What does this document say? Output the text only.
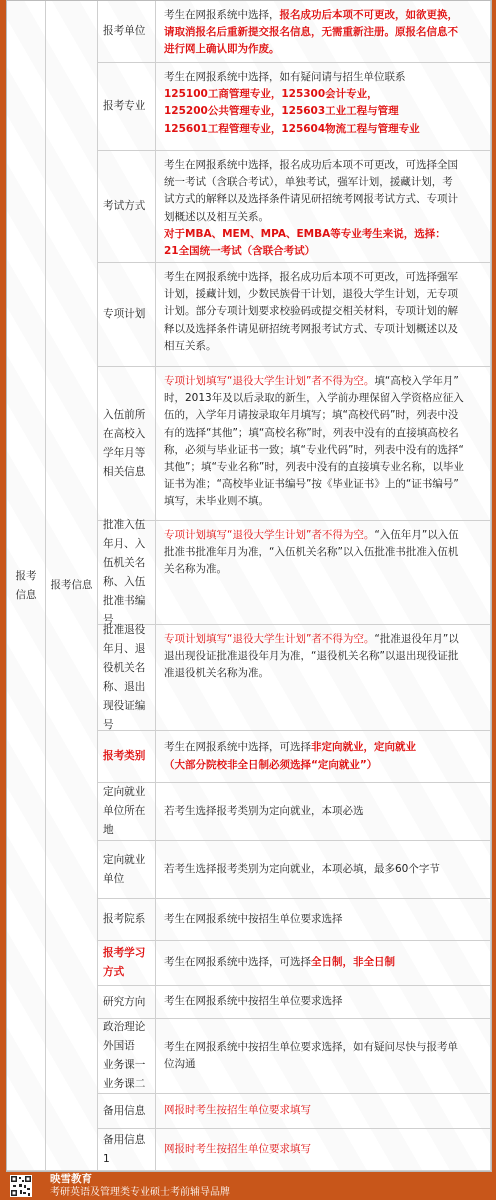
报考
信息
报考信息
报考单位
考生在网报系统中选择，报名成功后本项不可更改，如欲更换，
请取消报名后重新提交报名信息，无需重新注册。原报名信息不
进行网上确认即为作废。
报考专业
考生在网报系统中选择，如有疑问请与招生单位联系
125100工商管理专业，125300会计专业，
125200公共管理专业，125603工业工程与管理
125601工程管理专业，125604物流工程与管理专业
考试方式
考生在网报系统中选择，报名成功后本项不可更改，可选择全国
统一考试（含联合考试），单独考试，强军计划，援藏计划，考
试方式的解释以及选择条件请见研招统考网报考试方式、专项计
划概述以及相互关系。
对于MBA、MEM、MPA、EMBA等专业考生来说，选择：
21全国统一考试（含联合考试）
专项计划
考生在网报系统中选择，报名成功后本项不可更改，可选择强军
计划，援藏计划，少数民族骨干计划，退役大学生计划，无专项
计划。部分专项计划要求校验码或提交相关材料，专项计划的解
释以及选择条件请见研招统考网报考试方式、专项计划概述以及
相互关系。
入伍前所
在高校入
学年月等
相关信息
专项计划填写“退役大学生计划”者不得为空。填“高校入学年月”
时，2013年及以后录取的新生，入学前办理保留入学资格应征入
伍的，入学年月请按录取年月填写；填“高校代码”时，列表中没
有的选择“其他”；填“高校名称”时，列表中没有的直接填高校名
称，必须与毕业证书一致；填“专业代码”时，列表中没有的选择“
其他”；填“专业名称”时，列表中没有的直接填专业名称，以毕业
证书为准；“高校毕业证书编号”按《毕业证书》上的“证书编号”
填写，未毕业则不填。
批准入伍
年月、入
伍机关名
称、入伍
批准书编
号
专项计划填写“退役大学生计划”者不得为空。“入伍年月”以入伍
批准书批准年月为准，“入伍机关名称”以入伍批准书批准入伍机
关名称为准。
批准退役
年月、退
役机关名
称、退出
现役证编
号
专项计划填写“退役大学生计划”者不得为空。“批准退役年月”以
退出现役证批准退役年月为准，“退役机关名称”以退出现役证批
准退役机关名称为准。
报考类别
考生在网报系统中选择，可选择非定向就业，定向就业
（大部分院校非全日制必须选择“定向就业”）
定向就业
单位所在
地
若考生选择报考类别为定向就业，本项必选
定向就业
单位
若考生选择报考类别为定向就业，本项必填，最多60个字节
报考院系 考生在网报系统中按招生单位要求选择
报考学习
方式
考生在网报系统中选择，可选择全日制，非全日制
研究方向 考生在网报系统中按招生单位要求选择
政治理论
外国语
业务课一
业务课二
考生在网报系统中按招生单位要求选择，如有疑问尽快与报考单
位沟通
备用信息 网报时考生按招生单位要求填写
备用信息1
网报时考生按招生单位要求填写
映雪教育
考研英语及管理类专业硕士考前辅导品牌
